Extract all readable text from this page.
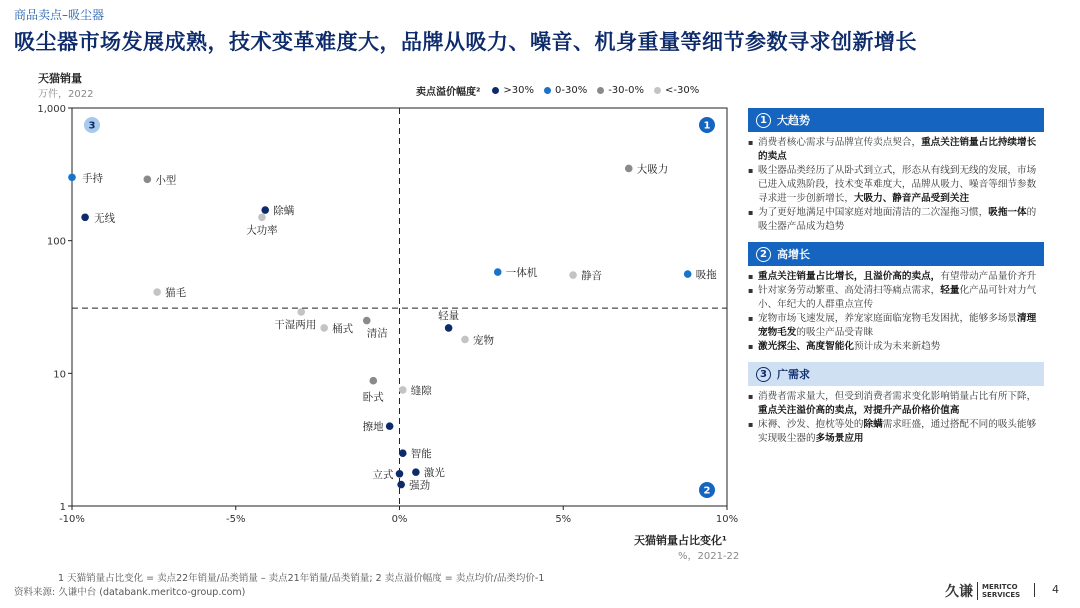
商品卖点–吸尘器
吸尘器市场发展成熟，技术变革难度大，品牌从吸力、噪音、机身重量等细节参数寻求创新增长
天猫销量
万件，2022	卖点溢价幅度² >30% 0-30% -30-0% <-30%
-10%	-5%	0%	5%	10%
1
10
100
1,000
1
2
3
无线
除螨
轻量
擦地
智能
激光
立式
强劲
手持
一体机	吸拖
小型
大吸力
清洁
卧式
大功率
猫毛
静音
干湿两用 桶式
宠物
缝隙
天猫销量占比变化¹
%，2021-22
1 大趋势
▪ 消费者核心需求与品牌宣传卖点契合，重点关注销量占比持续增长的卖点
▪ 吸尘器品类经历了从卧式到立式，形态从有线到无线的发展，市场已进入成熟阶段，技术变革难度大，品牌从吸力、噪音等细节参数寻求进一步创新增长，大吸力、静音产品受到关注
▪ 为了更好地满足中国家庭对地面清洁的二次湿拖习惯，吸拖一体的吸尘器产品成为趋势
2 高增长
▪ 重点关注销量占比增长，且溢价高的卖点，有望带动产品量价齐升
▪ 针对家务劳动繁重、高处清扫等痛点需求，轻量化产品可针对力气小、年纪大的人群重点宣传
▪ 宠物市场飞速发展，养宠家庭面临宠物毛发困扰，能够多场景清理宠物毛发的吸尘产品受青睐
▪ 激光探尘、高度智能化预计成为未来新趋势
3 广需求
▪ 消费者需求量大，但受到消费者需求变化影响销量占比有所下降，重点关注溢价高的卖点，对提升产品价格价值高
▪ 床褥、沙发、抱枕等处的除螨需求旺盛，通过搭配不同的吸头能够实现吸尘器的多场景应用
1 天猫销量占比变化 = 卖点22年销量/品类销量 – 卖点21年销量/品类销量; 2 卖点溢价幅度 = 卖点均价/品类均价-1
资料来源: 久谦中台 (databank.meritco-group.com)	久谦 MERITCO
SERVICES	4
